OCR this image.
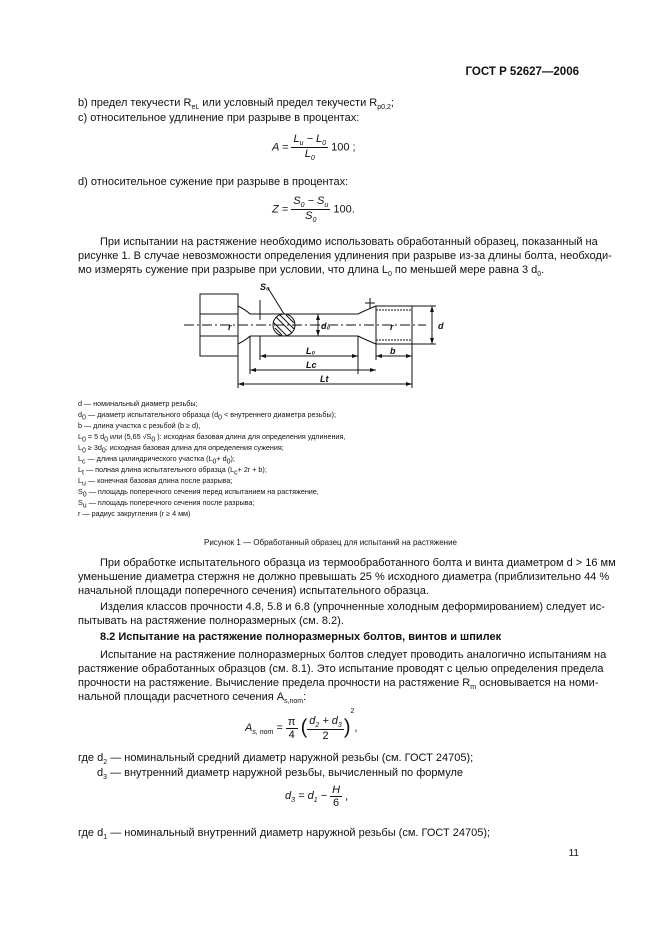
ГОСТ Р 52627—2006
b) предел текучести $R_{eL}$ или условный предел текучести $R_{p0,2}$;
c) относительное удлинение при разрыве в процентах:
$A = \frac{L_u - L_0}{L_0} 100$ ;
d) относительное сужение при разрыве в процентах:
$Z = \frac{S_0 - S_u}{S_0} 100$.
При испытании на растяжение необходимо использовать обработанный образец, показанный на
рисунке 1. В случае невозможности определения удлинения при разрыве из-за длины болта, необходи-
мо измерять сужение при разрыве при условии, что длина $L_0$ по меньшей мере равна 3 $d_0$.
S₀
r	r
d₀	d
L₀	b
Lc
Lt
d — номинальный диаметр резьбы;
$d_0$ — диаметр испытательного образца ($d_0$ < внутреннего диаметра резьбы);
b — длина участка с резьбой (b ≥ d),
$L_0 = 5$ $d_0$ или (5,65 $√S_0$ ): исходная базовая длина для определения удлинения,
$L_0 \ge 3d_0$: исходная базовая длина для определения сужения;
$L_c$ — длина цилиндрического участка $(L_0+ d_0)$;
$L_t$ — полная длина испытательного образца $(L_c+ 2r + b)$;
$L_u$ — конечная базовая длина после разрыва;
$S_0$ — площадь поперечного сечения перед испытанием на растяжение,
$S_u$ — площадь поперечного сечения после разрыва;
r — радиус закругления (r ≥ 4 мм)
Рисунок 1 — Обработанный образец для испытаний на растяжение
При обработке испытательного образца из термообработанного болта и винта диаметром d > 16 мм
уменьшение диаметра стержня не должно превышать 25 % исходного диаметра (приблизительно 44 %
начальной площади поперечного сечения) испытательного образца.
Изделия классов прочности 4.8, 5.8 и 6.8 (упрочненные холодным деформированием) следует ис-
пытывать на растяжение полноразмерных (см. 8.2).
8.2 Испытание на растяжение полноразмерных болтов, винтов и шпилек
Испытание на растяжение полноразмерных болтов следует проводить аналогично испытаниям на
растяжение обработанных образцов (см. 8.1). Это испытание проводят с целью определения предела
прочности на растяжение. Вычисление предела прочности на растяжение $R_m$ основывается на номи-
нальной площади расчетного сечения $A_{s,nom}$:
$A_{s, nom} = \frac{\pi}{4}$ ( $\frac{d_2 + d_3}{2} )^2$,
где $d_2$ — номинальный средний диаметр наружной резьбы (см. ГОСТ 24705);
$d_3$ — внутренний диаметр наружной резьбы, вычисленный по формуле
$d_3 = d_1 - \frac{H}{6}$ ,
где $d_1$ — номинальный внутренний диаметр наружной резьбы (см. ГОСТ 24705);
11
